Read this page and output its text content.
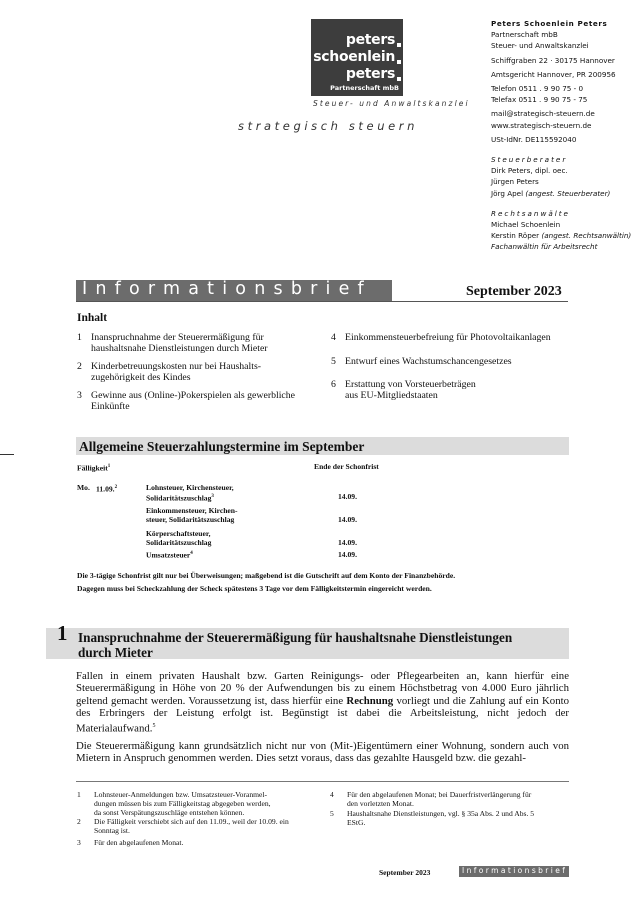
peters
schoenlein
peters
Partnerschaft mbB
Steuer- und Anwaltskanzlei
strategisch steuern
Peters Schoenlein Peters
Partnerschaft mbB
Steuer- und Anwaltskanzlei
Schiffgraben 22 · 30175 Hannover
Amtsgericht Hannover, PR 200956
Telefon 0511 . 9 90 75 - 0
Telefax 0511 . 9 90 75 - 75
mail@strategisch-steuern.de
www.strategisch-steuern.de
USt-IdNr. DE115592040
Steuerberater
Dirk Peters, dipl. oec.
Jürgen Peters
Jörg Apel (angest. Steuerberater)
Rechtsanwälte
Michael Schoenlein
Kerstin Röper (angest. Rechtsanwältin)
Fachanwältin für Arbeitsrecht
Informationsbrief	September 2023
Inhalt
1 Inanspruchnahme der Steuerermäßigung für
haushaltsnahe Dienstleistungen durch Mieter
2 Kinderbetreuungskosten nur bei Haushalts-
zugehörigkeit des Kindes
3 Gewinne aus (Online-)Pokerspielen als gewerbliche
Einkünfte
4 Einkommensteuerbefreiung für Photovoltaikanlagen
5 Entwurf eines Wachstumschancengesetzes
6 Erstattung von Vorsteuerbeträgen
aus EU-Mitgliedstaaten
Allgemeine Steuerzahlungstermine im September
Fälligkeit$^1$	Ende der Schonfrist
Mo. 11.09.$^2$	Lohnsteuer, Kirchensteuer,
Solidaritätszuschlag$^3$	14.09.
Einkommensteuer, Kirchen-
steuer, Solidaritätszuschlag	14.09.
Körperschaftsteuer,
Solidaritätszuschlag	14.09.
Umsatzsteuer$^4$	14.09.
Die 3-tägige Schonfrist gilt nur bei Überweisungen; maßgebend ist die Gutschrift auf dem Konto der Finanzbehörde.
Dagegen muss bei Scheckzahlung der Scheck spätestens 3 Tage vor dem Fälligkeitstermin eingereicht werden.
1 Inanspruchnahme der Steuerermäßigung für haushaltsnahe Dienstleistungen durch Mieter

Fallen in einem privaten Haushalt bzw. Garten Reinigungs- oder Pflegearbeiten an, kann hierfür eine Steuerermäßigung in Höhe von 20 % der Aufwendungen bis zu einem Höchstbetrag von 4.000 Euro jährlich geltend gemacht werden. Voraussetzung ist, dass hierfür eine Rechnung vorliegt und die Zahlung auf ein Konto des Erbringers der Leistung erfolgt ist. Begünstigt ist dabei die Arbeitsleistung, nicht jedoch der Materialaufwand.$^5$

Die Steuerermäßigung kann grundsätzlich nicht nur von (Mit-)Eigentümern einer Wohnung, sondern auch von Mietern in Anspruch genommen werden. Dies setzt voraus, dass das gezahlte Hausgeld bzw. die gezahl-

1 Lohnsteuer-Anmeldungen bzw. Umsatzsteuer-Voranmel-
dungen müssen bis zum Fälligkeitstag abgegeben werden,
da sonst Verspätungszuschläge entstehen können.
2 Die Fälligkeit verschiebt sich auf den 11.09., weil der 10.09. ein
Sonntag ist.
3 Für den abgelaufenen Monat.
4 Für den abgelaufenen Monat; bei Dauerfristverlängerung für
den vorletzten Monat.
5 Haushaltsnahe Dienstleistungen, vgl. § 35a Abs. 2 und Abs. 5
EStG.
September 2023	Informationsbrief
